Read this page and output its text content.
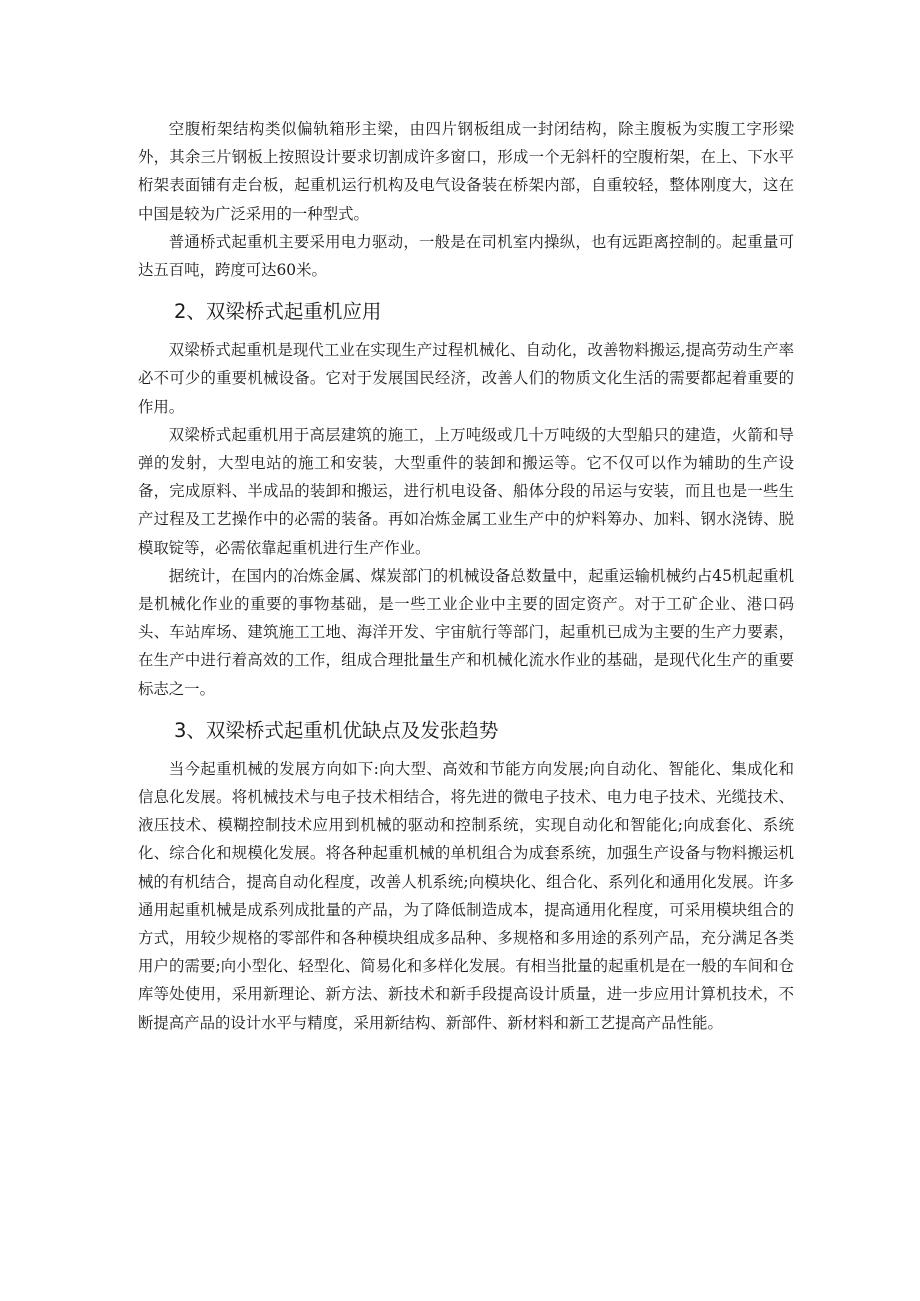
空腹桁架结构类似偏轨箱形主梁，由四片钢板组成一封闭结构，除主腹板为实腹工字形梁外，其余三片钢板上按照设计要求切割成许多窗口，形成一个无斜杆的空腹桁架，在上、下水平桁架表面铺有走台板，起重机运行机构及电气设备装在桥架内部，自重较轻，整体刚度大，这在中国是较为广泛采用的一种型式。

普通桥式起重机主要采用电力驱动，一般是在司机室内操纵，也有远距离控制的。起重量可达五百吨，跨度可达60米。

2、双梁桥式起重机应用

双梁桥式起重机是现代工业在实现生产过程机械化、自动化，改善物料搬运,提高劳动生产率必不可少的重要机械设备。它对于发展国民经济，改善人们的物质文化生活的需要都起着重要的作用。

双梁桥式起重机用于高层建筑的施工，上万吨级或几十万吨级的大型船只的建造，火箭和导弹的发射，大型电站的施工和安装，大型重件的装卸和搬运等。它不仅可以作为辅助的生产设备，完成原料、半成品的装卸和搬运，进行机电设备、船体分段的吊运与安装，而且也是一些生产过程及工艺操作中的必需的装备。再如冶炼金属工业生产中的炉料筹办、加料、钢水浇铸、脱模取锭等，必需依靠起重机进行生产作业。

据统计，在国内的冶炼金属、煤炭部门的机械设备总数量中，起重运输机械约占45机起重机是机械化作业的重要的事物基础，是一些工业企业中主要的固定资产。对于工矿企业、港口码头、车站库场、建筑施工工地、海洋开发、宇宙航行等部门，起重机已成为主要的生产力要素，在生产中进行着高效的工作，组成合理批量生产和机械化流水作业的基础，是现代化生产的重要标志之一。

3、双梁桥式起重机优缺点及发张趋势

当今起重机械的发展方向如下:向大型、高效和节能方向发展;向自动化、智能化、集成化和信息化发展。将机械技术与电子技术相结合，将先进的微电子技术、电力电子技术、光缆技术、液压技术、模糊控制技术应用到机械的驱动和控制系统，实现自动化和智能化;向成套化、系统化、综合化和规模化发展。将各种起重机械的单机组合为成套系统，加强生产设备与物料搬运机械的有机结合，提高自动化程度，改善人机系统;向模块化、组合化、系列化和通用化发展。许多通用起重机械是成系列成批量的产品，为了降低制造成本，提高通用化程度，可采用模块组合的方式，用较少规格的零部件和各种模块组成多品种、多规格和多用途的系列产品，充分满足各类用户的需要;向小型化、轻型化、简易化和多样化发展。有相当批量的起重机是在一般的车间和仓库等处使用，采用新理论、新方法、新技术和新手段提高设计质量，进一步应用计算机技术，不断提高产品的设计水平与精度，采用新结构、新部件、新材料和新工艺提高产品性能。
